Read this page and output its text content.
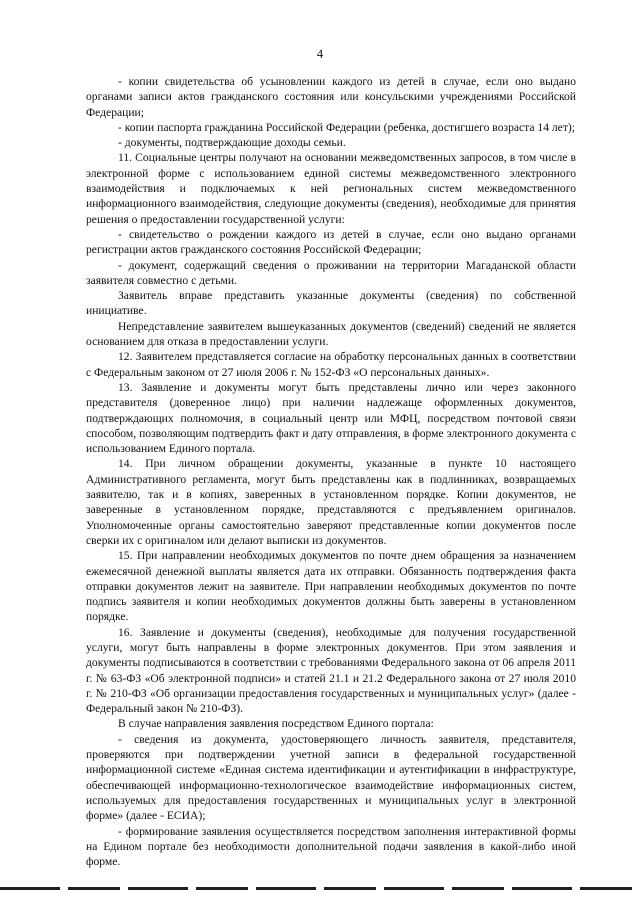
4

- копии свидетельства об усыновлении каждого из детей в случае, если оно выдано органами записи актов гражданского состояния или консульскими учреждениями Российской Федерации;

- копии паспорта гражданина Российской Федерации (ребенка, достигшего возраста 14 лет);

- документы, подтверждающие доходы семьи.

11. Социальные центры получают на основании межведомственных запросов, в том числе в электронной форме с использованием единой системы межведомственного электронного взаимодействия и подключаемых к ней региональных систем межведомственного информационного взаимодействия, следующие документы (сведения), необходимые для принятия решения о предоставлении государственной услуги:

- свидетельство о рождении каждого из детей в случае, если оно выдано органами регистрации актов гражданского состояния Российской Федерации;

- документ, содержащий сведения о проживании на территории Магаданской области заявителя совместно с детьми.

Заявитель вправе представить указанные документы (сведения) по собственной инициативе.

Непредставление заявителем вышеуказанных документов (сведений) сведений не является основанием для отказа в предоставлении услуги.

12. Заявителем представляется согласие на обработку персональных данных в соответствии с Федеральным законом от 27 июля 2006 г. № 152-ФЗ «О персональных данных».

13. Заявление и документы могут быть представлены лично или через законного представителя (доверенное лицо) при наличии надлежаще оформленных документов, подтверждающих полномочия, в социальный центр или МФЦ, посредством почтовой связи способом, позволяющим подтвердить факт и дату отправления, в форме электронного документа с использованием Единого портала.

14. При личном обращении документы, указанные в пункте 10 настоящего Административного регламента, могут быть представлены как в подлинниках, возвращаемых заявителю, так и в копиях, заверенных в установленном порядке. Копии документов, не заверенные в установленном порядке, представляются с предъявлением оригиналов. Уполномоченные органы самостоятельно заверяют представленные копии документов после сверки их с оригиналом или делают выписки из документов.

15. При направлении необходимых документов по почте днем обращения за назначением ежемесячной денежной выплаты является дата их отправки. Обязанность подтверждения факта отправки документов лежит на заявителе. При направлении необходимых документов по почте подпись заявителя и копии необходимых документов должны быть заверены в установленном порядке.

16. Заявление и документы (сведения), необходимые для получения государственной услуги, могут быть направлены в форме электронных документов. При этом заявления и документы подписываются в соответствии с требованиями Федерального закона от 06 апреля 2011 г. № 63-ФЗ «Об электронной подписи» и статей 21.1 и 21.2 Федерального закона от 27 июля 2010 г. № 210-ФЗ «Об организации предоставления государственных и муниципальных услуг» (далее - Федеральный закон № 210-ФЗ).

В случае направления заявления посредством Единого портала:

- сведения из документа, удостоверяющего личность заявителя, представителя, проверяются при подтверждении учетной записи в федеральной государственной информационной системе «Единая система идентификации и аутентификации в инфраструктуре, обеспечивающей информационно-технологическое взаимодействие информационных систем, используемых для предоставления государственных и муниципальных услуг в электронной форме» (далее - ЕСИА);

- формирование заявления осуществляется посредством заполнения интерактивной формы на Едином портале без необходимости дополнительной подачи заявления в какой-либо иной форме.
